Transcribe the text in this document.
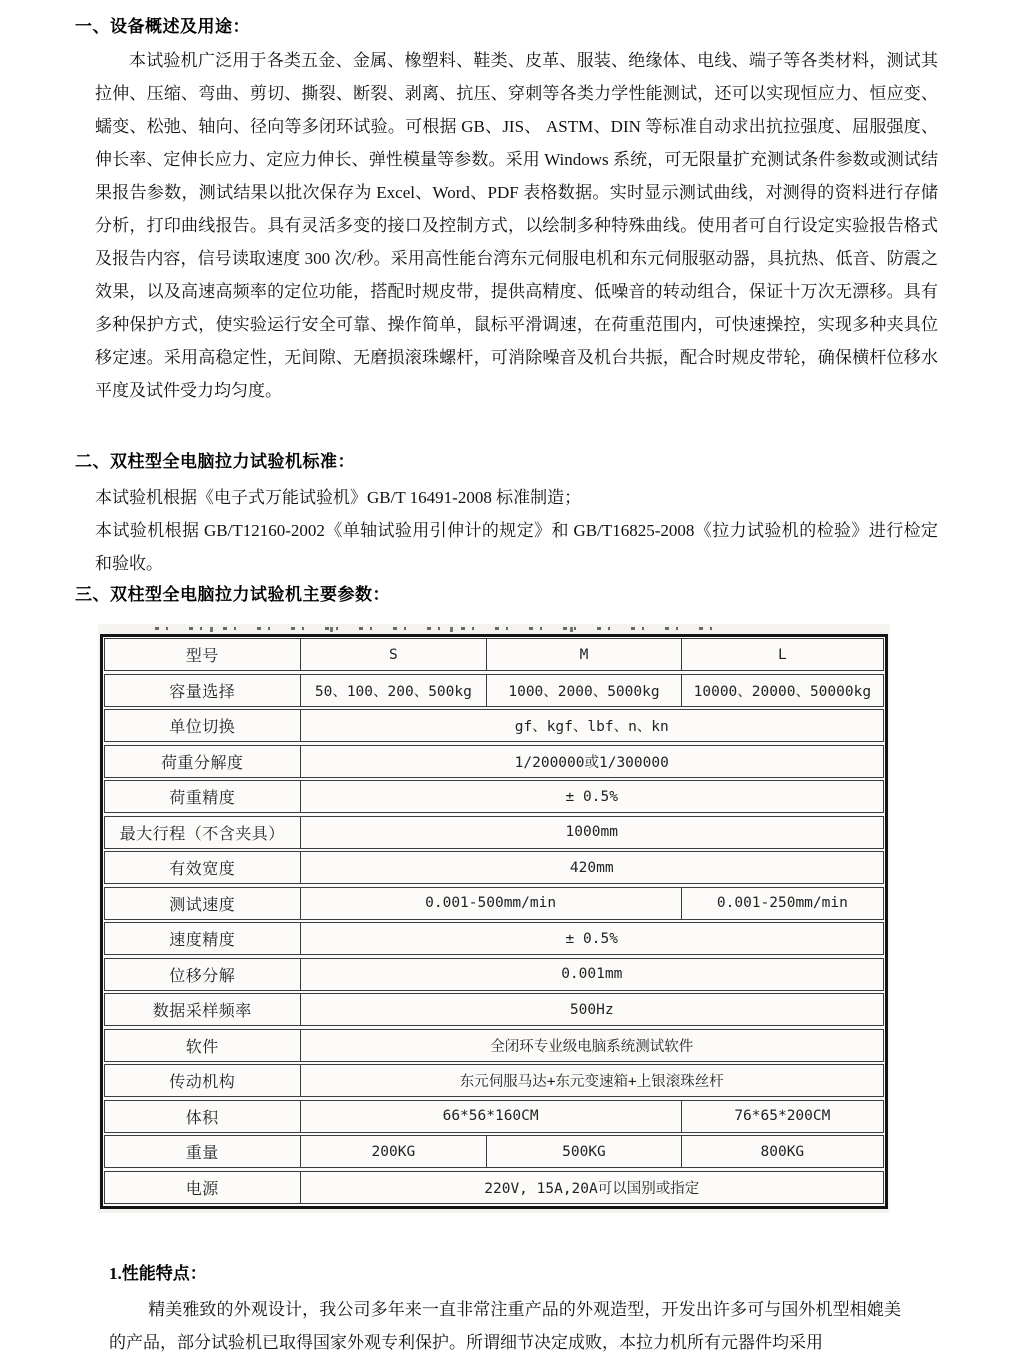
一、设备概述及用途：
本试验机广泛用于各类五金、金属、橡塑料、鞋类、皮革、服装、绝缘体、电线、端子等各类材料，测试其拉伸、压缩、弯曲、剪切、撕裂、断裂、剥离、抗压、穿刺等各类力学性能测试，还可以实现恒应力、恒应变、蠕变、松弛、轴向、径向等多闭环试验。可根据 GB、JIS、 ASTM、DIN 等标准自动求出抗拉强度、屈服强度、伸长率、定伸长应力、定应力伸长、弹性模量等参数。采用 Windows 系统，可无限量扩充测试条件参数或测试结果报告参数，测试结果以批次保存为 Excel、Word、PDF 表格数据。实时显示测试曲线，对测得的资料进行存储分析，打印曲线报告。具有灵活多变的接口及控制方式，以绘制多种特殊曲线。使用者可自行设定实验报告格式及报告内容，信号读取速度 300 次/秒。采用高性能台湾东元伺服电机和东元伺服驱动器，具抗热、低音、防震之效果，以及高速高频率的定位功能，搭配时规皮带，提供高精度、低噪音的转动组合，保证十万次无漂移。具有多种保护方式，使实验运行安全可靠、操作简单，鼠标平滑调速，在荷重范围内，可快速操控，实现多种夹具位移定速。采用高稳定性，无间隙、无磨损滚珠螺杆，可消除噪音及机台共振，配合时规皮带轮，确保横杆位移水平度及试件受力均匀度。
二、双柱型全电脑拉力试验机标准：
本试验机根据《电子式万能试验机》GB/T 16491-2008 标准制造；
本试验机根据 GB/T12160-2002《单轴试验用引伸计的规定》和 GB/T16825-2008《拉力试验机的检验》进行检定和验收。
三、双柱型全电脑拉力试验机主要参数：
型号	S	M	L
容量选择	50、100、200、500kg	1000、2000、5000kg	10000、20000、50000kg
单位切换	gf、kgf、lbf、n、kn
荷重分解度	1/200000或1/300000
荷重精度	± 0.5%
最大行程（不含夹具）	1000mm
有效宽度	420mm
测试速度	0.001-500mm/min	0.001-250mm/min
速度精度	± 0.5%
位移分解	0.001mm
数据采样频率	500Hz
软件	全闭环专业级电脑系统测试软件
传动机构	东元伺服马达+东元变速箱+上银滚珠丝杆
体积	66*56*160CM	76*65*200CM
重量	200KG	500KG	800KG
电源	220V, 15A,20A可以国别或指定
1.性能特点：
精美雅致的外观设计，我公司多年来一直非常注重产品的外观造型，开发出许多可与国外机型相媲美的产品，部分试验机已取得国家外观专利保护。所谓细节决定成败，本拉力机所有元器件均采用
